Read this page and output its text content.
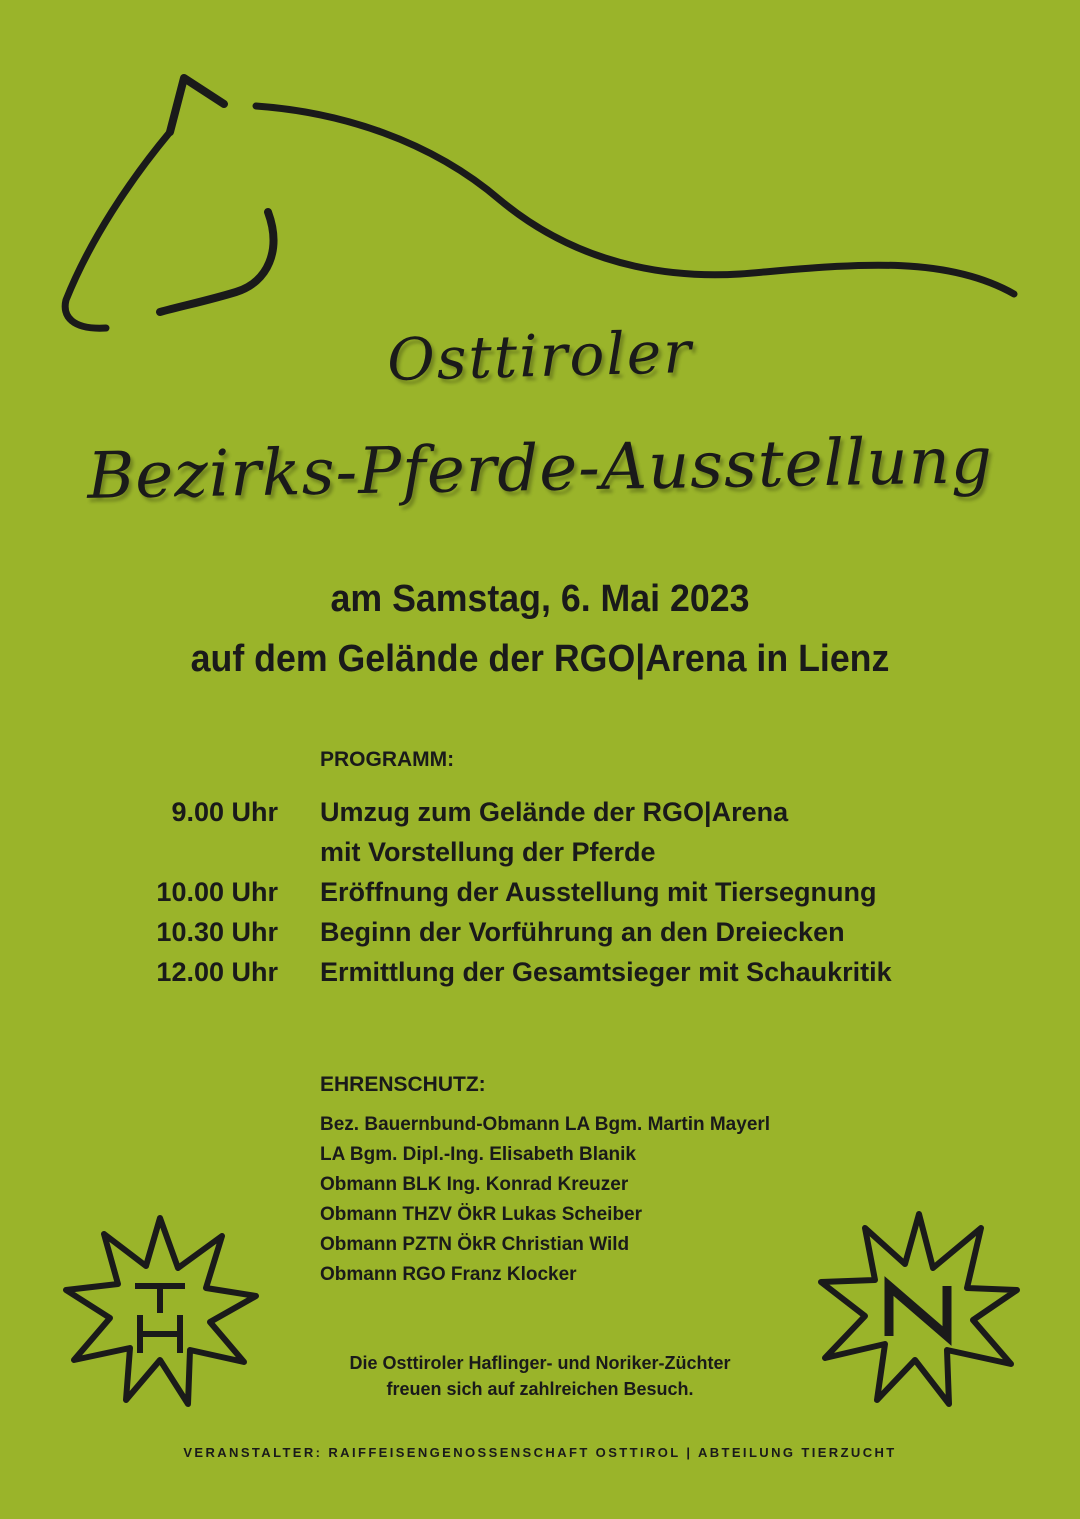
Osttiroler
Bezirks-Pferde-Ausstellung
am Samstag, 6. Mai 2023
auf dem Gelände der RGO|Arena in Lienz
PROGRAMM:
9.00 Uhr Umzug zum Gelände der RGO|Arena
mit Vorstellung der Pferde
10.00 Uhr Eröffnung der Ausstellung mit Tiersegnung
10.30 Uhr Beginn der Vorführung an den Dreiecken
12.00 Uhr Ermittlung der Gesamtsieger mit Schaukritik
EHRENSCHUTZ:
Bez. Bauernbund-Obmann LA Bgm. Martin Mayerl
LA Bgm. Dipl.-Ing. Elisabeth Blanik
Obmann BLK Ing. Konrad Kreuzer
Obmann THZV ÖkR Lukas Scheiber
Obmann PZTN ÖkR Christian Wild
Obmann RGO Franz Klocker
Die Osttiroler Haflinger- und Noriker-Züchter
freuen sich auf zahlreichen Besuch.
VERANSTALTER: RAIFFEISENGENOSSENSCHAFT OSTTIROL | ABTEILUNG TIERZUCHT
